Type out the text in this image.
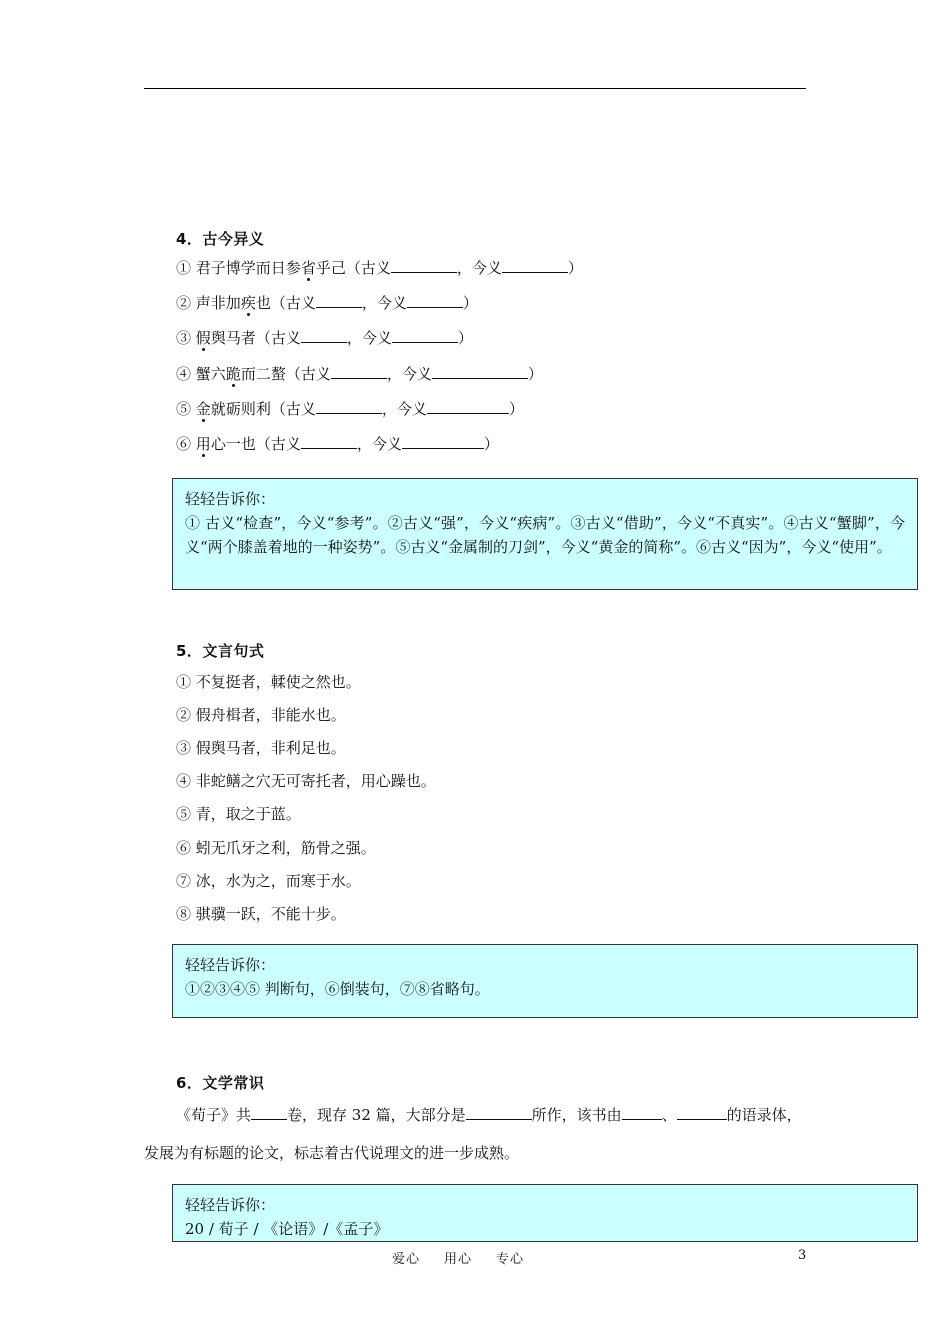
4．古今异义
① 君子博学而日参省乎己（古义	，今义	）
② 声非加疾也（古义	，今义	）
③ 假舆马者（古义	，今义	）
④ 蟹六跪而二螯（古义	，今义	）
⑤ 金就砺则利（古义	，今义	）
⑥ 用心一也（古义	，今义	）
轻轻告诉你：
① 古义“检查”，今义“参考”。②古义“强”，今义“疾病”。③古义“借助”，今义“不真实”。④古义“蟹脚”，今义“两个膝盖着地的一种姿势”。⑤古义“金属制的刀剑”，今义“黄金的简称”。⑥古义“因为”，今义“使用”。
5．文言句式
① 不复挺者，輮使之然也。
② 假舟楫者，非能水也。
③ 假舆马者，非利足也。
④ 非蛇鳝之穴无可寄托者，用心躁也。
⑤ 青，取之于蓝。
⑥ 蚓无爪牙之利，筋骨之强。
⑦ 冰，水为之，而寒于水。
⑧ 骐骥一跃，不能十步。
轻轻告诉你：
①②③④⑤ 判断句，⑥倒装句，⑦⑧省略句。
6．文学常识
《荀子》共 卷，现存 32 篇，大部分是	所作，该书由	、	的语录体，
发展为有标题的论文，标志着古代说理文的进一步成熟。
轻轻告诉你：
20 / 荀子 / 《论语》/《孟子》
爱心 用心 专心	3
